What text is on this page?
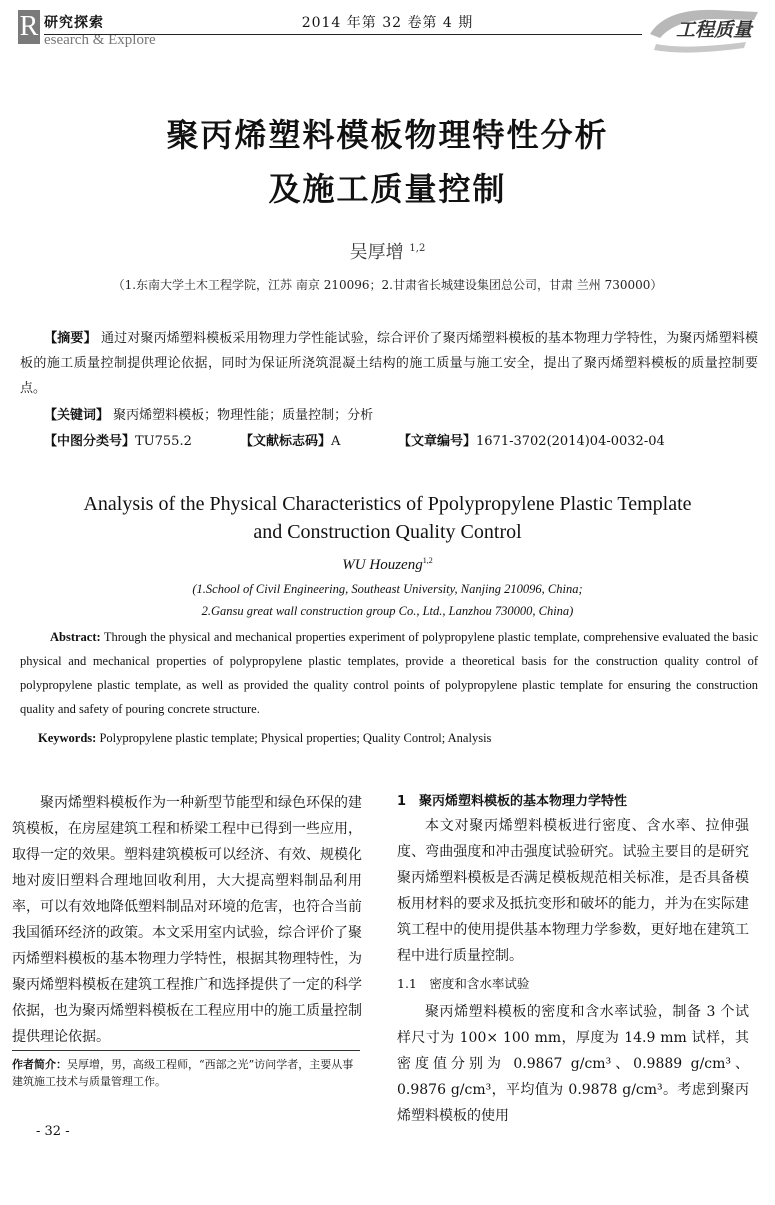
R 研究探索
esearch & Explore
2014 年第 32 卷第 4 期	工程质量
聚丙烯塑料模板物理特性分析
及施工质量控制
吴厚增 $^{1,2}$
（1.东南大学土木工程学院，江苏 南京 210096；2.甘肃省长城建设集团总公司，甘肃 兰州 730000）
【摘要】 通过对聚丙烯塑料模板采用物理力学性能试验，综合评价了聚丙烯塑料模板的基本物理力学特性，为聚丙烯塑料模板的施工质量控制提供理论依据，同时为保证所浇筑混凝土结构的施工质量与施工安全，提出了聚丙烯塑料模板的质量控制要点。
【关键词】 聚丙烯塑料模板；物理性能；质量控制；分析
【中图分类号】TU755.2	【文献标志码】A	【文章编号】1671-3702(2014)04-0032-04
Analysis of the Physical Characteristics of Ppolypropylene Plastic Template
and Construction Quality Control
WU Houzeng$^{1,2}$
(1.School of Civil Engineering, Southeast University, Nanjing 210096, China;
2.Gansu great wall construction group Co., Ltd., Lanzhou 730000, China)
Abstract: Through the physical and mechanical properties experiment of polypropylene plastic template, comprehensive evaluated the basic physical and mechanical properties of polypropylene plastic templates, provide a theoretical basis for the construction quality control of polypropylene plastic template, as well as provided the quality control points of polypropylene plastic template for ensuring the construction quality and safety of pouring concrete structure.
Keywords: Polypropylene plastic template; Physical properties; Quality Control; Analysis

聚丙烯塑料模板作为一种新型节能型和绿色环保的建筑模板，在房屋建筑工程和桥梁工程中已得到一些应用，取得一定的效果。塑料建筑模板可以经济、有效、规模化地对废旧塑料合理地回收利用，大大提高塑料制品利用率，可以有效地降低塑料制品对环境的危害，也符合当前我国循环经济的政策。本文采用室内试验，综合评价了聚丙烯塑料模板的基本物理力学特性，根据其物理特性，为聚丙烯塑料模板在建筑工程推广和选择提供了一定的科学依据，也为聚丙烯塑料模板在工程应用中的施工质量控制提供理论依据。

作者简介：吴厚增，男，高级工程师，“西部之光”访问学者，主要从事建筑施工技术与质量管理工作。
1　聚丙烯塑料模板的基本物理力学特性

本文对聚丙烯塑料模板进行密度、含水率、拉伸强度、弯曲强度和冲击强度试验研究。试验主要目的是研究聚丙烯塑料模板是否满足模板规范相关标准，是否具备模板用材料的要求及抵抗变形和破坏的能力，并为在实际建筑工程中的使用提供基本物理力学参数，更好地在建筑工程中进行质量控制。

1.1　密度和含水率试验

聚丙烯塑料模板的密度和含水率试验，制备 3 个试样尺寸为 100× 100 mm，厚度为 14.9 mm 试样，其密度值分别为 0.9867 g/cm³、0.9889 g/cm³、0.9876 g/cm³，平均值为 0.9878 g/cm³。考虑到聚丙烯塑料模板的使用

- 32 -
